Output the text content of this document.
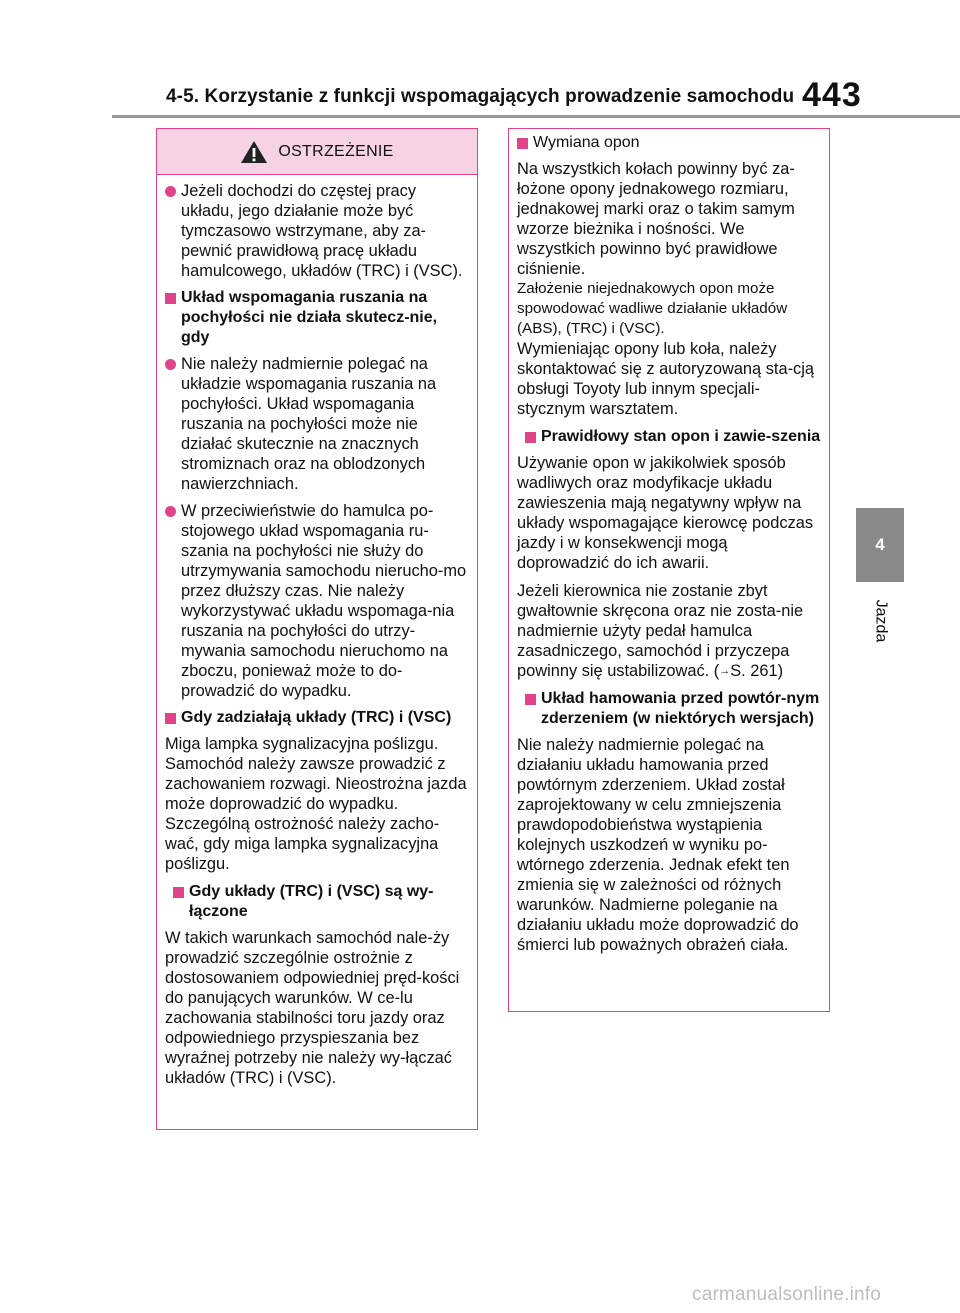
4-5. Korzystanie z funkcji wspomagających prowadzenie samochodu 443
4
Jazda
OSTRZEŻENIE
Jeżeli dochodzi do częstej pracy układu, jego działanie może być tymczasowo wstrzymane, aby za-pewnić prawidłową pracę układu hamulcowego, układów (TRC) i (VSC).
Układ wspomagania ruszania na pochyłości nie działa skutecz-nie, gdy
Nie należy nadmiernie polegać na układzie wspomagania ruszania na pochyłości. Układ wspomagania ruszania na pochyłości może nie działać skutecznie na znacznych stromiznach oraz na oblodzonych nawierzchniach.
W przeciwieństwie do hamulca po-stojowego układ wspomagania ru-szania na pochyłości nie służy do utrzymywania samochodu nierucho-mo przez dłuższy czas. Nie należy wykorzystywać układu wspomaga-nia ruszania na pochyłości do utrzy-mywania samochodu nieruchomo na zboczu, ponieważ może to do-prowadzić do wypadku.
Gdy zadziałają układy (TRC) i (VSC)

Miga lampka sygnalizacyjna poślizgu. Samochód należy zawsze prowadzić z zachowaniem rozwagi. Nieostrożna jazda może doprowadzić do wypadku. Szczególną ostrożność należy zacho-wać, gdy miga lampka sygnalizacyjna poślizgu.

Gdy układy (TRC) i (VSC) są wy-łączone

W takich warunkach samochód nale-ży prowadzić szczególnie ostrożnie z dostosowaniem odpowiedniej pręd-kości do panujących warunków. W ce-lu zachowania stabilności toru jazdy oraz odpowiedniego przyspieszania bez wyraźnej potrzeby nie należy wy-łączać układów (TRC) i (VSC).

Wymiana opon

Na wszystkich kołach powinny być za-łożone opony jednakowego rozmiaru, jednakowej marki oraz o takim samym wzorze bieżnika i nośności. We wszystkich powinno być prawidłowe ciśnienie.

Założenie niejednakowych opon może spowodować wadliwe działanie układów (ABS), (TRC) i (VSC).

Wymieniając opony lub koła, należy skontaktować się z autoryzowaną sta-cją obsługi Toyoty lub innym specjali-stycznym warsztatem.

Prawidłowy stan opon i zawie-szenia

Używanie opon w jakikolwiek sposób wadliwych oraz modyfikacje układu zawieszenia mają negatywny wpływ na układy wspomagające kierowcę podczas jazdy i w konsekwencji mogą doprowadzić do ich awarii.

Jeżeli kierownica nie zostanie zbyt gwałtownie skręcona oraz nie zosta-nie nadmiernie użyty pedał hamulca zasadniczego, samochód i przyczepa powinny się ustabilizować. (→S. 261)

Układ hamowania przed powtór-nym zderzeniem (w niektórych wersjach)

Nie należy nadmiernie polegać na działaniu układu hamowania przed powtórnym zderzeniem. Układ został zaprojektowany w celu zmniejszenia prawdopodobieństwa wystąpienia kolejnych uszkodzeń w wyniku po-wtórnego zderzenia. Jednak efekt ten zmienia się w zależności od różnych warunków. Nadmierne poleganie na działaniu układu może doprowadzić do śmierci lub poważnych obrażeń ciała.

carmanualsonline.info
